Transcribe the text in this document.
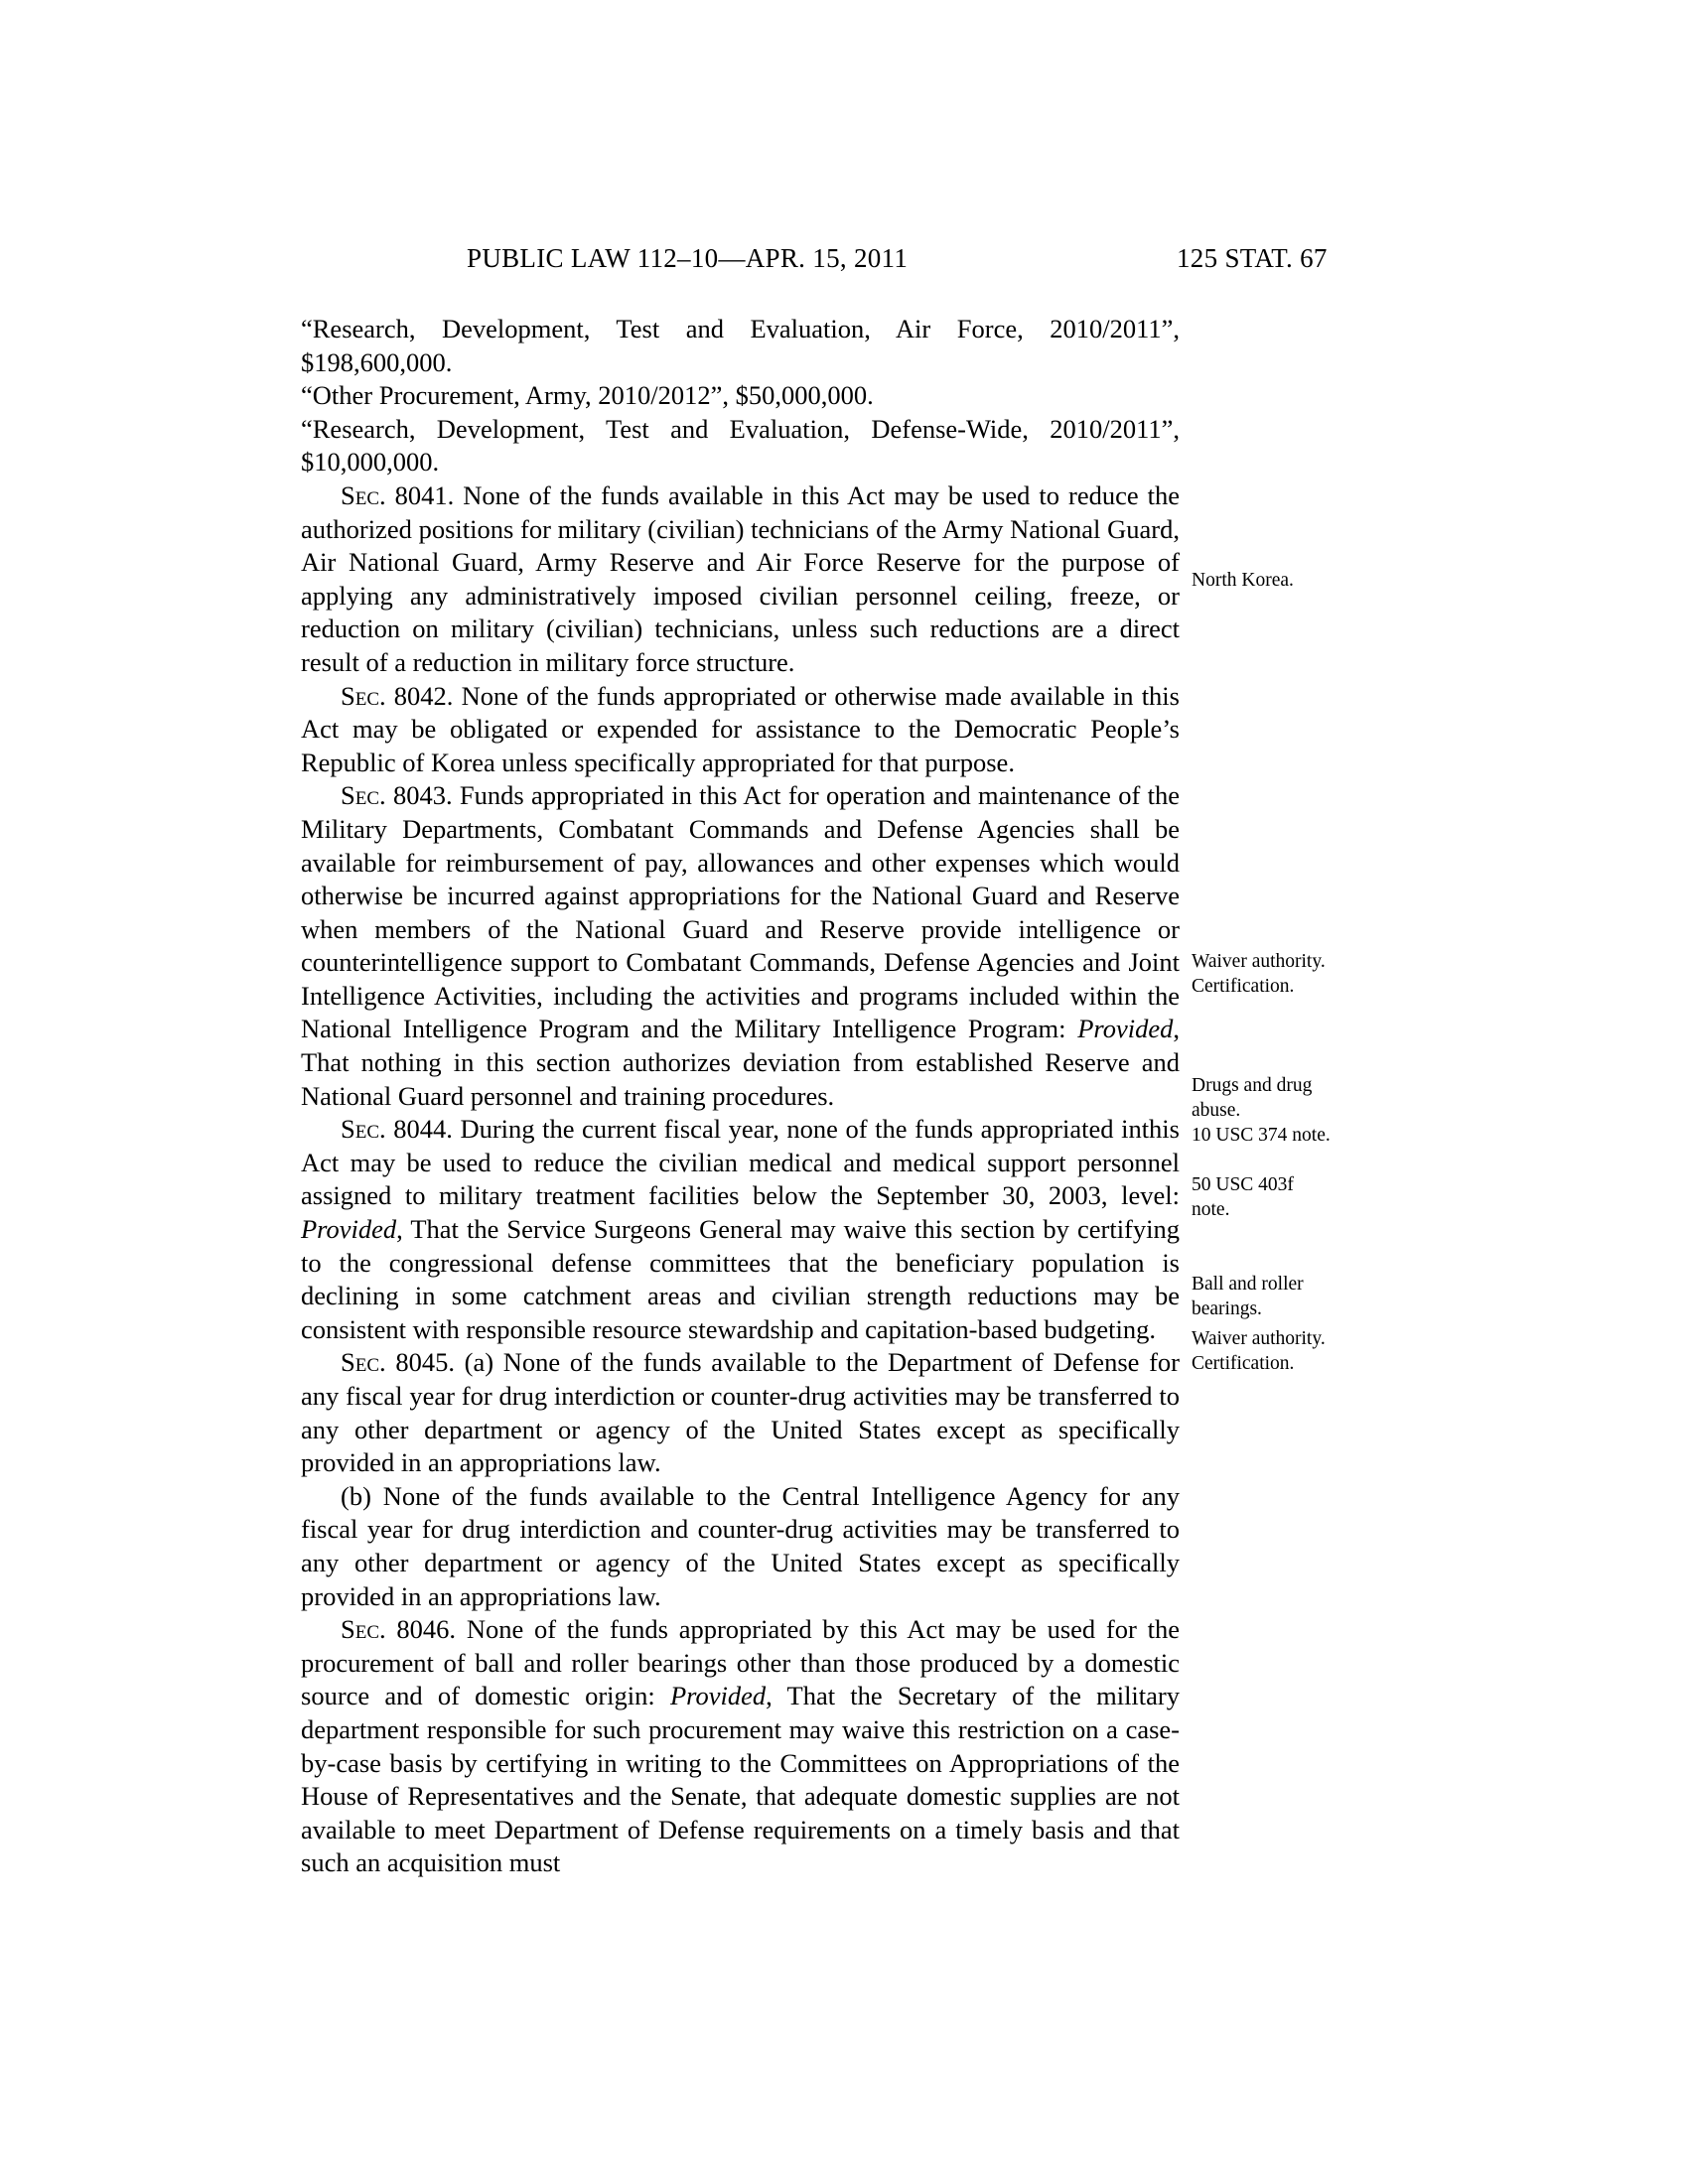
PUBLIC LAW 112–10—APR. 15, 2011	125 STAT. 67

“Research, Development, Test and Evaluation, Air Force, 2010/2011”, $198,600,000.

“Other Procurement, Army, 2010/2012”, $50,000,000.

“Research, Development, Test and Evaluation, Defense-Wide, 2010/2011”, $10,000,000.

Sec. 8041. None of the funds available in this Act may be used to reduce the authorized positions for military (civilian) technicians of the Army National Guard, Air National Guard, Army Reserve and Air Force Reserve for the purpose of applying any administratively imposed civilian personnel ceiling, freeze, or reduction on military (civilian) technicians, unless such reductions are a direct result of a reduction in military force structure.

Sec. 8042. None of the funds appropriated or otherwise made available in this Act may be obligated or expended for assistance to the Democratic People’s Republic of Korea unless specifically appropriated for that purpose.

Sec. 8043. Funds appropriated in this Act for operation and maintenance of the Military Departments, Combatant Commands and Defense Agencies shall be available for reimbursement of pay, allowances and other expenses which would otherwise be incurred against appropriations for the National Guard and Reserve when members of the National Guard and Reserve provide intelligence or counterintelligence support to Combatant Commands, Defense Agencies and Joint Intelligence Activities, including the activities and programs included within the National Intelligence Program and the Military Intelligence Program: Provided, That nothing in this section authorizes deviation from established Reserve and National Guard personnel and training procedures.

Sec. 8044. During the current fiscal year, none of the funds appropriated inthis Act may be used to reduce the civilian medical and medical support personnel assigned to military treatment facilities below the September 30, 2003, level: Provided, That the Service Surgeons General may waive this section by certifying to the congressional defense committees that the beneficiary population is declining in some catchment areas and civilian strength reductions may be consistent with responsible resource stewardship and capitation-based budgeting.

Sec. 8045. (a) None of the funds available to the Department of Defense for any fiscal year for drug interdiction or counter-drug activities may be transferred to any other department or agency of the United States except as specifically provided in an appropriations law.

(b) None of the funds available to the Central Intelligence Agency for any fiscal year for drug interdiction and counter-drug activities may be transferred to any other department or agency of the United States except as specifically provided in an appropriations law.

Sec. 8046. None of the funds appropriated by this Act may be used for the procurement of ball and roller bearings other than those produced by a domestic source and of domestic origin: Provided, That the Secretary of the military department responsible for such procurement may waive this restriction on a case-by-case basis by certifying in writing to the Committees on Appropriations of the House of Representatives and the Senate, that adequate domestic supplies are not available to meet Department of Defense requirements on a timely basis and that such an acquisition must

North Korea.
Waiver authority.
Certification.
Drugs and drug
abuse.
10 USC 374 note.
50 USC 403f
note.
Ball and roller
bearings.
Waiver authority.
Certification.
